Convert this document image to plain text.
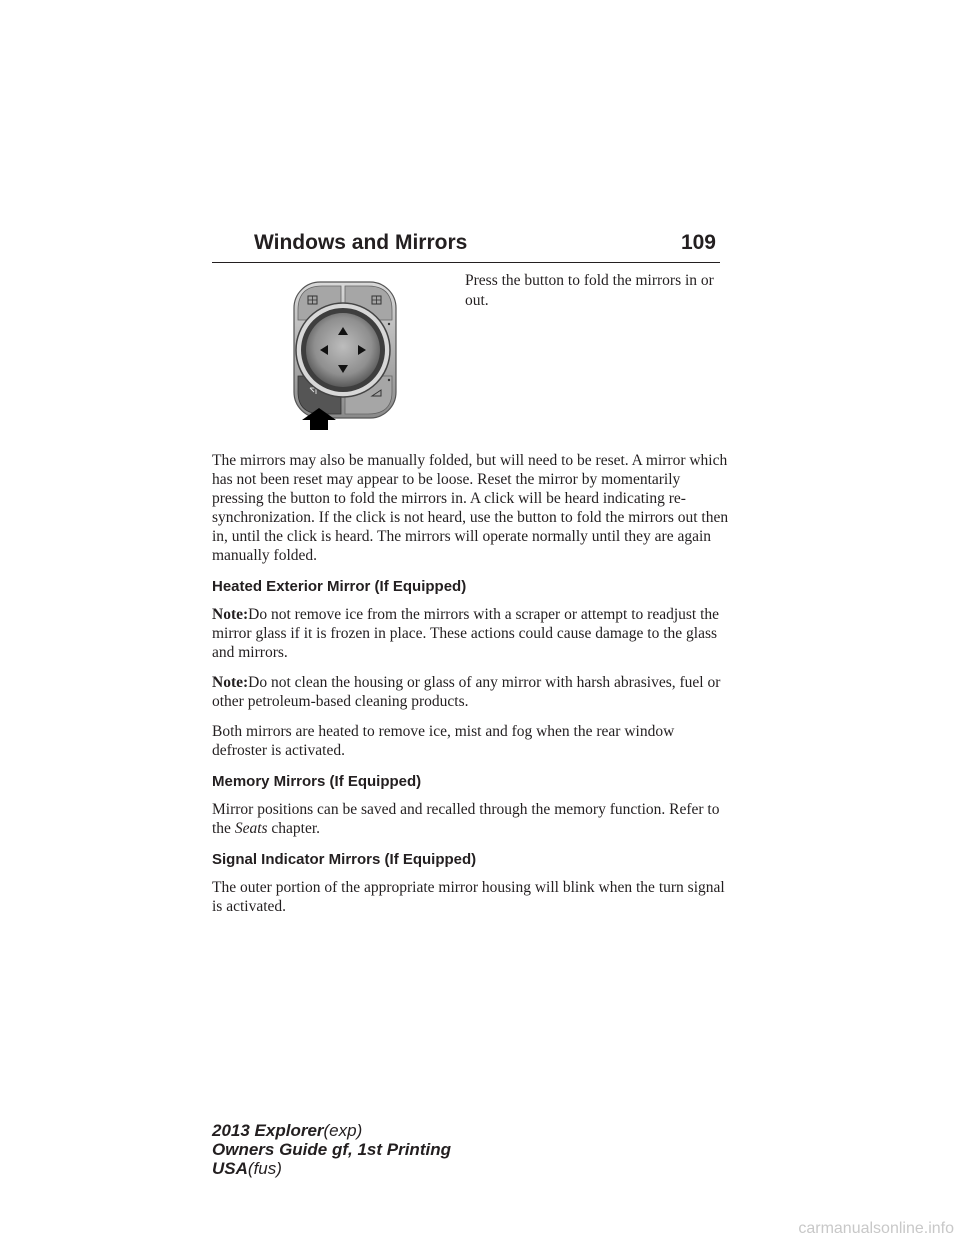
Windows and Mirrors	109
Press the button to fold the mirrors in or out.

The mirrors may also be manually folded, but will need to be reset. A mirror which has not been reset may appear to be loose. Reset the mirror by momentarily pressing the button to fold the mirrors in. A click will be heard indicating re-synchronization. If the click is not heard, use the button to fold the mirrors out then in, until the click is heard. The mirrors will operate normally until they are again manually folded.

Heated Exterior Mirror (If Equipped)

Note:Do not remove ice from the mirrors with a scraper or attempt to readjust the mirror glass if it is frozen in place. These actions could cause damage to the glass and mirrors.

Note:Do not clean the housing or glass of any mirror with harsh abrasives, fuel or other petroleum-based cleaning products.

Both mirrors are heated to remove ice, mist and fog when the rear window defroster is activated.

Memory Mirrors (If Equipped)

Mirror positions can be saved and recalled through the memory function. Refer to the Seats chapter.

Signal Indicator Mirrors (If Equipped)

The outer portion of the appropriate mirror housing will blink when the turn signal is activated.

2013 Explorer(exp)
Owners Guide gf, 1st Printing
USA(fus)
carmanualsonline.info
